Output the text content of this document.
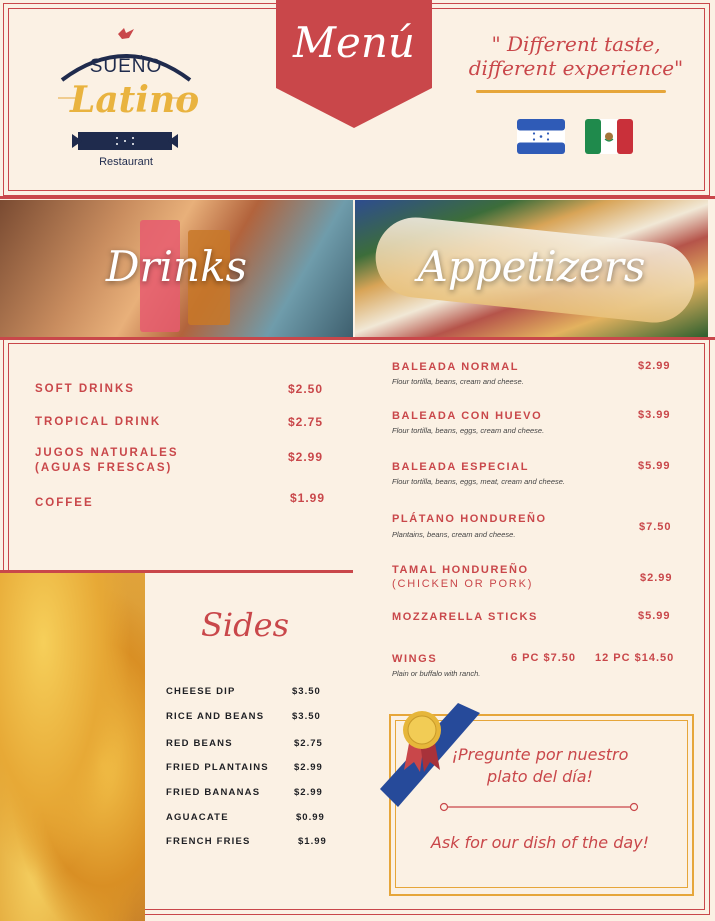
SUEÑO
Latino
Restaurant
Menú	" Different taste, different experience"
Drinks	Appetizers
SOFT DRINKS	$2.50
TROPICAL DRINK	$2.75
JUGOS NATURALES
(AGUAS FRESCAS)
$2.99
COFFEE	$1.99
BALEADA NORMAL
Flour tortilla, beans, cream and cheese.
$2.99
BALEADA CON HUEVO
Flour tortilla, beans, eggs, cream and cheese.
$3.99
BALEADA ESPECIAL
Flour tortilla, beans, eggs, meat, cream and cheese.
$5.99
PLÁTANO HONDUREÑO
Plantains, beans, cream and cheese.
$7.50
TAMAL HONDUREÑO
(CHICKEN OR PORK)	$2.99
MOZZARELLA STICKS	$5.99
WINGS
Plain or buffalo with ranch.
6 PC $7.50 12 PC $14.50
Sides
CHEESE DIP	$3.50
RICE AND BEANS	$3.50
RED BEANS	$2.75
FRIED PLANTAINS	$2.99
FRIED BANANAS	$2.99
AGUACATE	$0.99
FRENCH FRIES	$1.99
¡Pregunte por nuestro plato del día!
Ask for our dish of the day!
